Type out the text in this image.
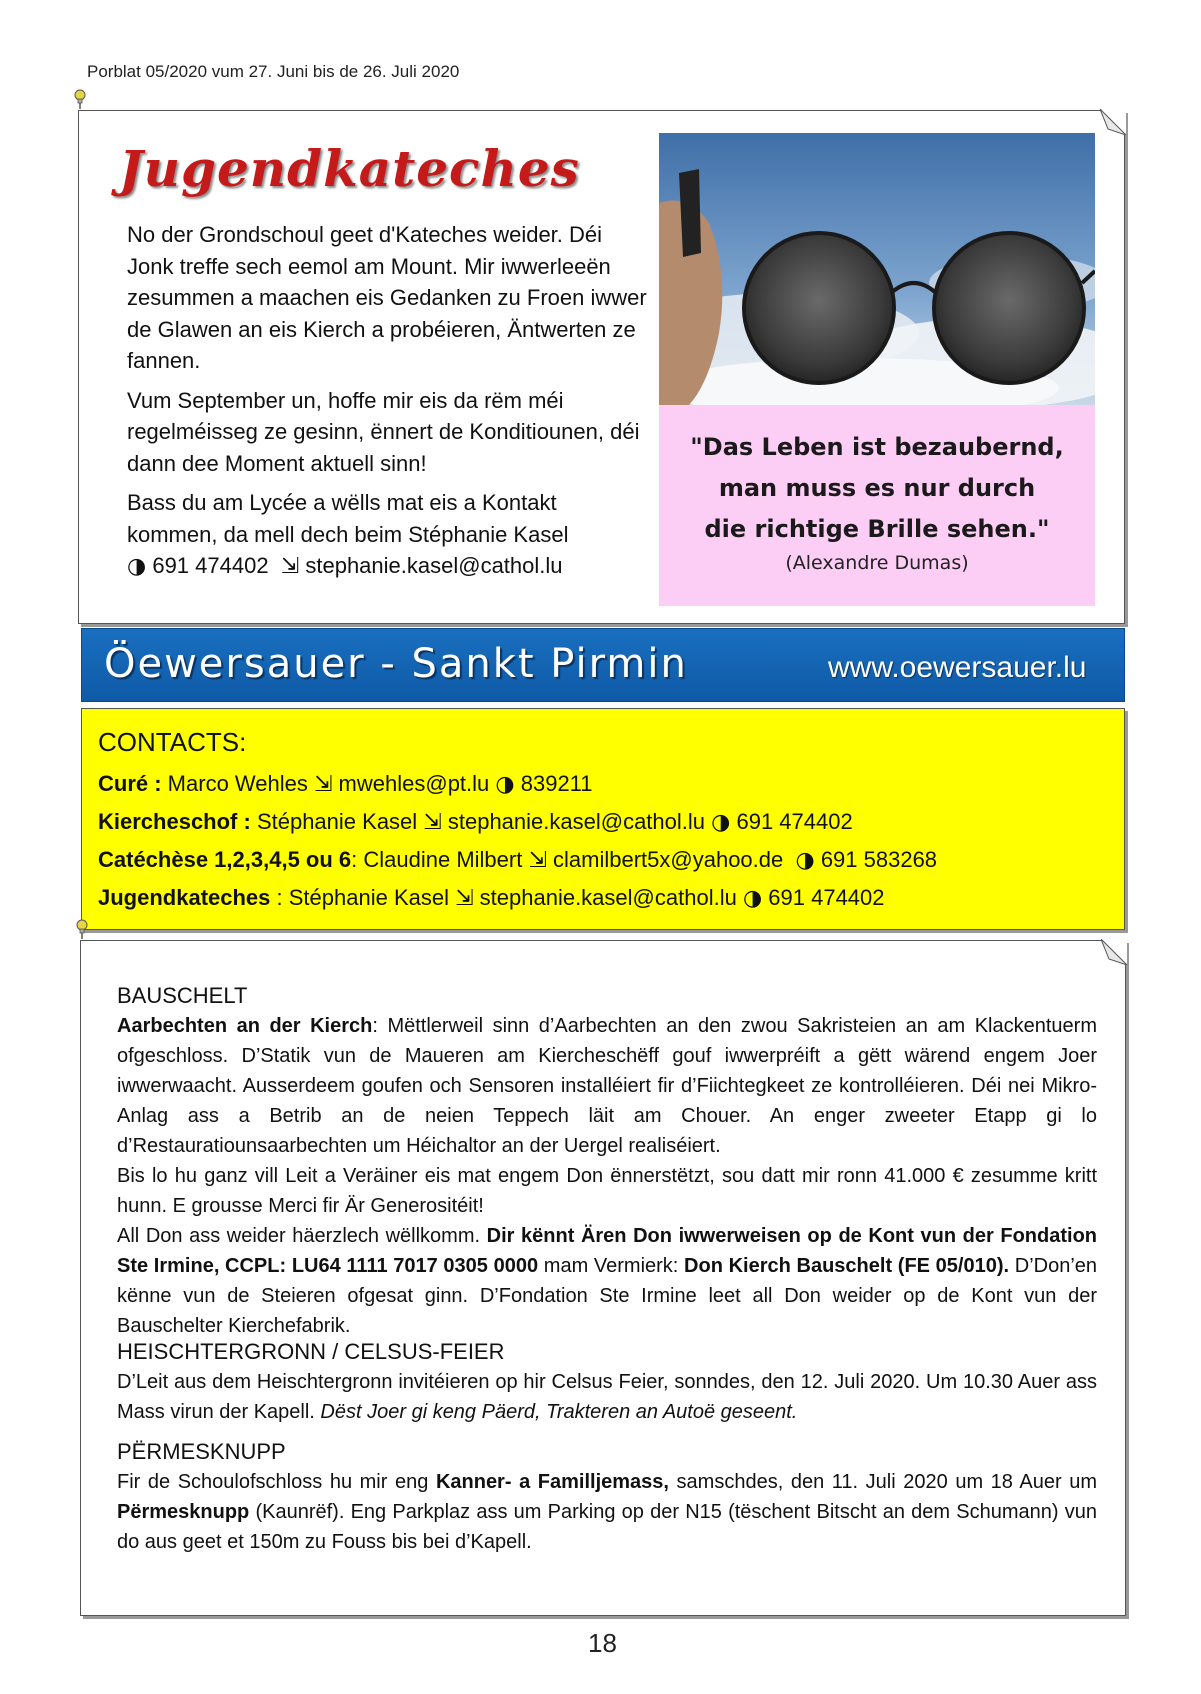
Porblat 05/2020 vum 27. Juni bis de 26. Juli 2020
Jugendkateches

No der Grondschoul geet d'Kateches weider. Déi Jonk treffe sech eemol am Mount. Mir iwwerleeën zesummen a maachen eis Gedanken zu Froen iwwer de Glawen an eis Kierch a probéieren, Äntwerten ze fannen.

Vum September un, hoffe mir eis da rëm méi regelméisseg ze gesinn, ënnert de Konditiounen, déi dann dee Moment aktuell sinn!

Bass du am Lycée a wëlls mat eis a Kontakt kommen, da mell dech beim Stéphanie Kasel
◑ 691 474402 ⇲ stephanie.kasel@cathol.lu

"Das Leben ist bezaubernd,
man muss es nur durch
die richtige Brille sehen."
(Alexandre Dumas)
Öewersauer - Sankt Pirmin	www.oewersauer.lu
CONTACTS:
Curé : Marco Wehles ⇲ mwehles@pt.lu ◑ 839211
Kiercheschof : Stéphanie Kasel ⇲ stephanie.kasel@cathol.lu ◑ 691 474402
Catéchèse 1,2,3,4,5 ou 6: Claudine Milbert ⇲ clamilbert5x@yahoo.de ◑ 691 583268
Jugendkateches : Stéphanie Kasel ⇲ stephanie.kasel@cathol.lu ◑ 691 474402
BAUSCHELT

Aarbechten an der Kierch: Mëttlerweil sinn d’Aarbechten an den zwou Sakristeien an am Klackentuerm ofgeschloss. D’Statik vun de Maueren am Kiercheschëff gouf iwwerpréift a gëtt wärend engem Joer iwwerwaacht. Ausserdeem goufen och Sensoren installéiert fir d’Fiichtegkeet ze kontrolléieren. Déi nei Mikro-Anlag ass a Betrib an de neien Teppech läit am Chouer. An enger zweeter Etapp gi lo d’Restauratiounsaarbechten um Héichaltor an der Uergel realiséiert.

Bis lo hu ganz vill Leit a Veräiner eis mat engem Don ënnerstëtzt, sou datt mir ronn 41.000 € zesumme kritt hunn. E grousse Merci fir Är Generositéit!

All Don ass weider häerzlech wëllkomm. Dir kënnt Ären Don iwwerweisen op de Kont vun der Fondation Ste Irmine, CCPL: LU64 1111 7017 0305 0000 mam Vermierk: Don Kierch Bauschelt (FE 05/010). D’Don’en kënne vun de Steieren ofgesat ginn. D’Fondation Ste Irmine leet all Don weider op de Kont vun der Bauschelter Kierchefabrik.

HEISCHTERGRONN / CELSUS-FEIER

D’Leit aus dem Heischtergronn invitéieren op hir Celsus Feier, sonndes, den 12. Juli 2020. Um 10.30 Auer ass Mass virun der Kapell. Dëst Joer gi keng Päerd, Trakteren an Autoë geseent.

PËRMESKNUPP

Fir de Schoulofschloss hu mir eng Kanner- a Familljemass, samschdes, den 11. Juli 2020 um 18 Auer um Përmesknupp (Kaunrëf). Eng Parkplaz ass um Parking op der N15 (tëschent Bitscht an dem Schumann) vun do aus geet et 150m zu Fouss bis bei d’Kapell.

18
